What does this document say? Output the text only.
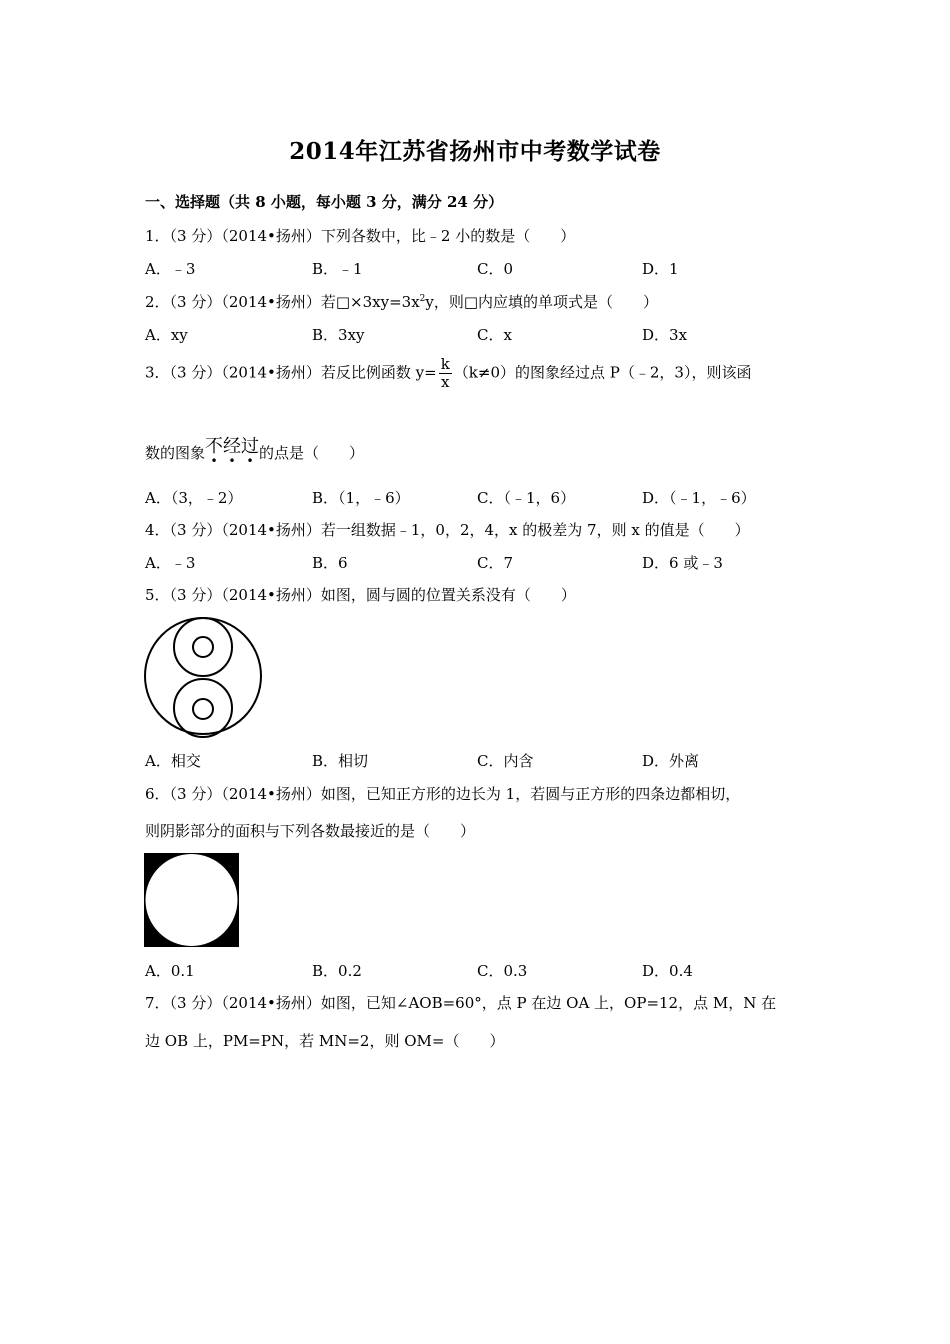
2014年江苏省扬州市中考数学试卷
一、选择题（共 8 小题，每小题 3 分，满分 24 分）
1．（3 分）（2014•扬州）下列各数中，比﹣2 小的数是（　　）
A．﹣3	B．﹣1	C．0	D．1
2．（3 分）（2014•扬州）若$□\times 3xy=3x^2y$，则□内应填的单项式是（　　）
A．xy	B．3xy	C．x	D．3x
3．（3 分）（2014•扬州）若反比例函数 $y= \frac{k}{x} (k\ne 0)$的图象经过点 P（﹣2，3），则该函
数的图象不经过
• • • 的点是（　　）
A．（3，﹣2）	B．（1，﹣6）	C．（﹣1，6）	D．（﹣1，﹣6）
4．（3 分）（2014•扬州）若一组数据﹣1，0，2，4，x 的极差为 7，则 x 的值是（　　）
A．﹣3	B．6	C．7	D．6 或﹣3
5．（3 分）（2014•扬州）如图，圆与圆的位置关系没有（　　）
A．相交	B．相切	C．内含	D．外离
6．（3 分）（2014•扬州）如图，已知正方形的边长为 1，若圆与正方形的四条边都相切，
则阴影部分的面积与下列各数最接近的是（　　）
A．0.1	B．0.2	C．0.3	D．0.4
7．（3 分）（2014•扬州）如图，已知∠AOB=60°，点 P 在边 OA 上，OP=12，点 M，N 在
边 OB 上，PM=PN，若 MN=2，则 OM=（　　）
